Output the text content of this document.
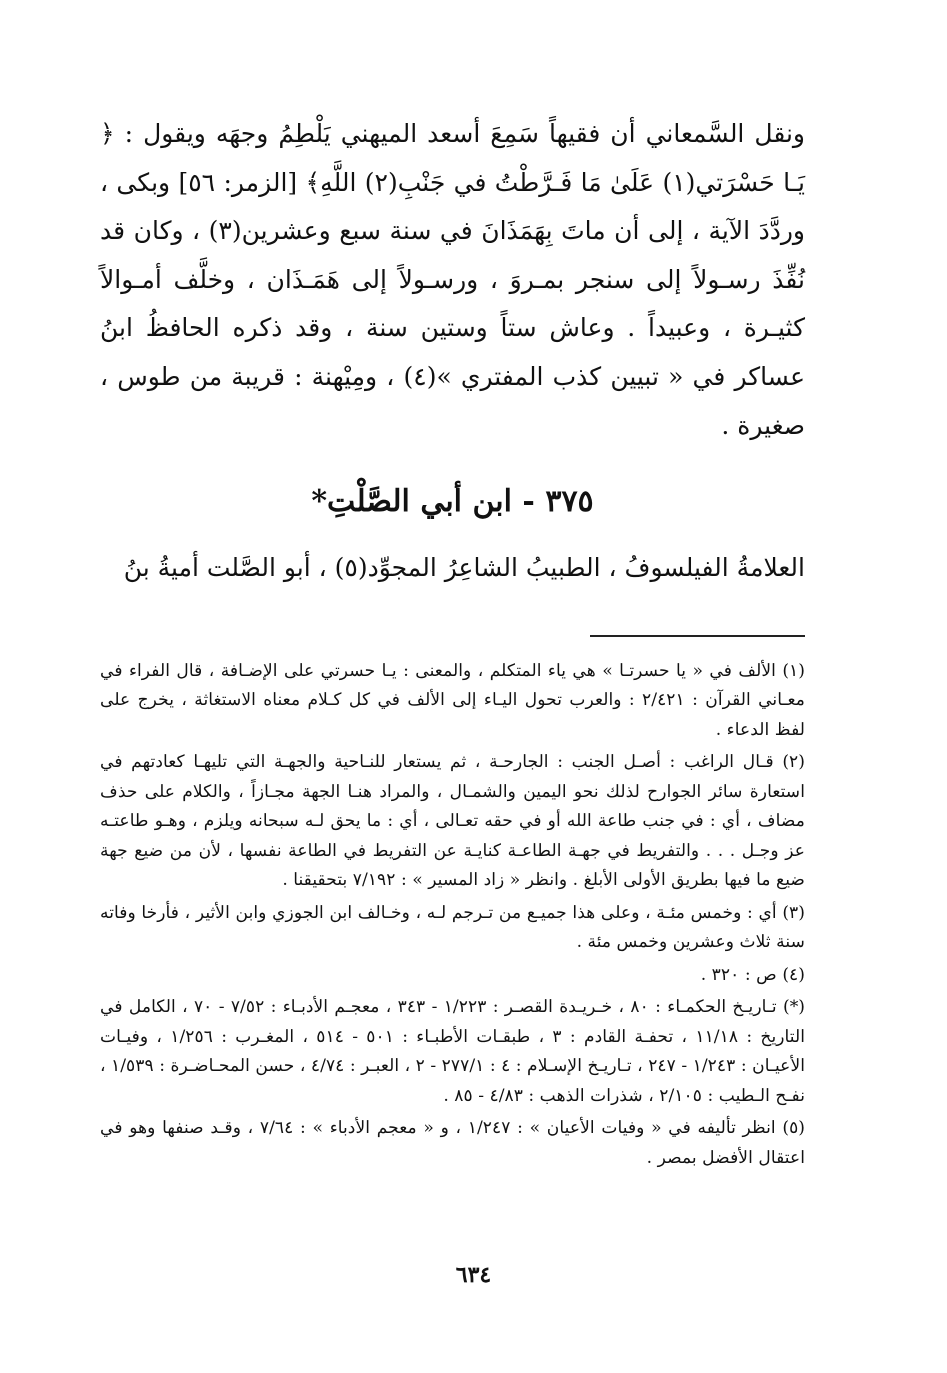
ونقل السَّمعاني أن فقيهاً سَمِعَ أسعد الميهني يَلْطِمُ وجهَه ويقول : ﴿ يَـا حَسْرَتي(١) عَلَىٰ مَا فَـرَّطْتُ في جَنْبِ(٢) اللَّهِ﴾ [الزمر: ٥٦] وبكى ، وردَّدَ الآية ، إلى أن ماتَ بِهَمَذَانَ في سنة سبع وعشرين(٣) ، وكان قد نُفِّذَ رسـولاً إلى سنجر بمـروَ ، ورسـولاً إلى هَمَـذَان ، وخلَّف أمـوالاً كثيـرة ، وعبيداً . وعاش ستاً وستين سنة ، وقد ذكره الحافظُ ابنُ عساكر في « تبيين كذب المفتري »(٤) ، ومِيْهنة : قريبة من طوس ، صغيرة .

٣٧٥ - ابن أبي الصَّلْتِ*

العلامةُ الفيلسوفُ ، الطبيبُ الشاعِرُ المجوِّد(٥) ، أبو الصَّلت أميةُ بنُ

(١) الألف في « يا حسرتـا » هي ياء المتكلم ، والمعنى : يـا حسرتي على الإضـافة ، قال الفراء في معـاني القرآن : ٢/٤٢١ : والعرب تحول اليـاء إلى الألف في كل كـلام معناه الاستغاثة ، يخرج على لفظ الدعاء .

(٢) قـال الراغب : أصـل الجنب : الجارحـة ، ثم يستعار للنـاحية والجهـة التي تليهـا كعادتهم في استعارة سائر الجوارح لذلك نحو اليمين والشمـال ، والمراد هنـا الجهة مجـازاً ، والكلام على حذف مضاف ، أي : في جنب طاعة الله أو في حقه تعـالى ، أي : ما يحق لـه سبحانه ويلزم ، وهـو طاعتـه عز وجـل . . . والتفريط في جهـة الطاعـة كنايـة عن التفريط في الطاعة نفسها ، لأن من ضيع جهة ضيع ما فيها بطريق الأولى الأبلغ . وانظر « زاد المسير » : ٧/١٩٢ بتحقيقنا .

(٣) أي : وخمس مئـة ، وعلى هذا جميـع من تـرجم لـه ، وخـالف ابن الجوزي وابن الأثير ، فأرخا وفاته سنة ثلاث وعشرين وخمس مئة .

(٤) ص : ٣٢٠ .

(*) تـاريـخ الحكمـاء : ٨٠ ، خـريـدة القصـر : ١/٢٢٣ - ٣٤٣ ، معجـم الأدبـاء : ٧/٥٢ - ٧٠ ، الكامل في التاريخ : ١١/١٨ ، تحفـة القادم : ٣ ، طبقـات الأطبـاء : ٥٠١ - ٥١٤ ، المغـرب : ١/٢٥٦ ، وفيـات الأعيـان : ١/٢٤٣ - ٢٤٧ ، تـاريـخ الإسـلام : ٤ : ٢٧٧/١ - ٢ ، العبـر : ٤/٧٤ ، حسن المحـاضـرة : ١/٥٣٩ ، نفـح الـطيب : ٢/١٠٥ ، شذرات الذهب : ٤/٨٣ - ٨٥ .

(٥) انظر تأليفه في « وفيات الأعيان » : ١/٢٤٧ ، و « معجم الأدباء » : ٧/٦٤ ، وقـد صنفها وهو في اعتقال الأفضل بمصر .

٦٣٤
